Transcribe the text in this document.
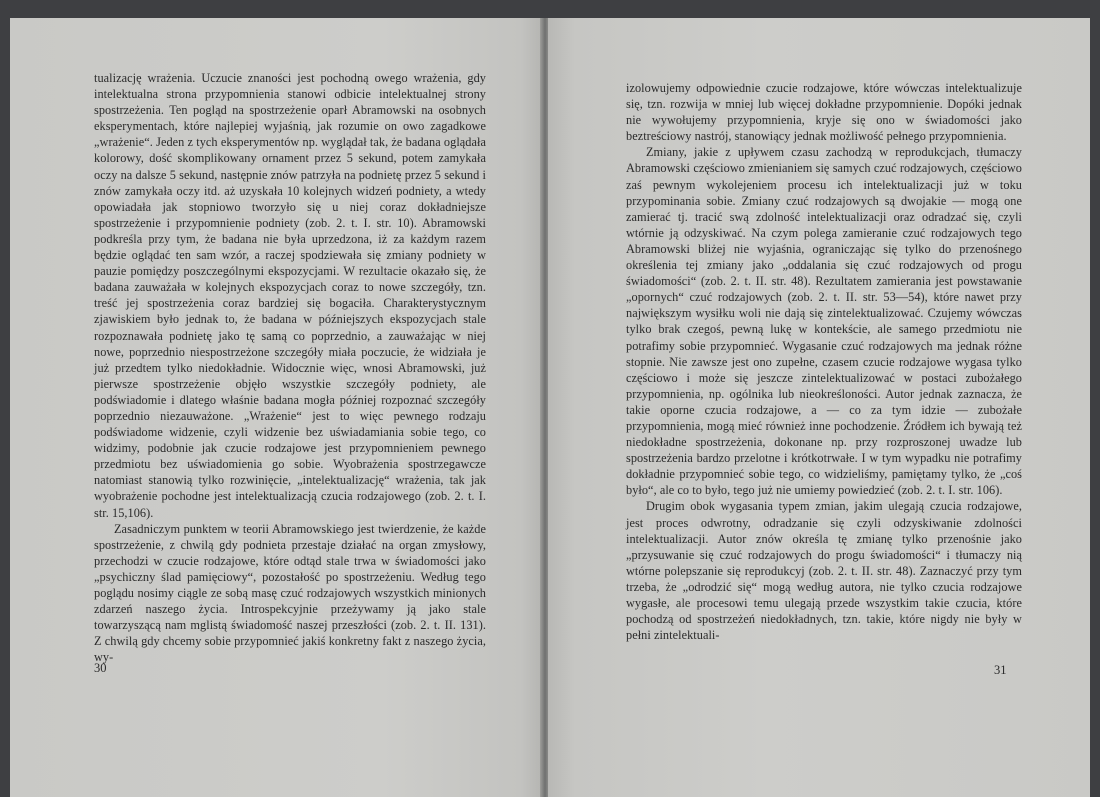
tualizację wrażenia. Uczucie znaności jest pochodną owego wrażenia, gdy intelektualna strona przypomnienia stanowi odbicie intelektualnej strony spostrzeżenia. Ten pogląd na spostrzeżenie oparł Abramowski na osobnych eksperymentach, które najlepiej wyjaśnią, jak rozumie on owo zagadkowe „wrażenie“. Jeden z tych eksperymentów np. wyglądał tak, że badana oglądała kolorowy, dość skomplikowany ornament przez 5 sekund, potem zamykała oczy na dalsze 5 sekund, następnie znów patrzyła na podnietę przez 5 sekund i znów zamykała oczy itd. aż uzyskała 10 kolejnych widzeń podniety, a wtedy opowiadała jak stopniowo tworzyło się u niej coraz dokładniejsze spostrzeżenie i przypomnienie podniety (zob. 2. t. I. str. 10). Abramowski podkreśla przy tym, że badana nie była uprzedzona, iż za każdym razem będzie oglądać ten sam wzór, a raczej spodziewała się zmiany podniety w pauzie pomiędzy poszczególnymi ekspozycjami. W rezultacie okazało się, że badana zauważała w kolejnych ekspozycjach coraz to nowe szczegóły, tzn. treść jej spostrzeżenia coraz bardziej się bogaciła. Charakterystycznym zjawiskiem było jednak to, że badana w późniejszych ekspozycjach stale rozpoznawała podnietę jako tę samą co poprzednio, a zauważając w niej nowe, poprzednio niespostrzeżone szczegóły miała poczucie, że widziała je już przedtem tylko niedokładnie. Widocznie więc, wnosi Abramowski, już pierwsze spostrzeżenie objęło wszystkie szczegóły podniety, ale podświadomie i dlatego właśnie badana mogła później rozpoznać szczegóły poprzednio niezauważone. „Wrażenie“ jest to więc pewnego rodzaju podświadome widzenie, czyli widzenie bez uświadamiania sobie tego, co widzimy, podobnie jak czucie rodzajowe jest przypomnieniem pewnego przedmiotu bez uświadomienia go sobie. Wyobrażenia spostrzegawcze natomiast stanowią tylko rozwinięcie, „intelektualizację“ wrażenia, tak jak wyobrażenie pochodne jest intelektualizacją czucia rodzajowego (zob. 2. t. I. str. 15,106).

Zasadniczym punktem w teorii Abramowskiego jest twierdzenie, że każde spostrzeżenie, z chwilą gdy podnieta przestaje działać na organ zmysłowy, przechodzi w czucie rodzajowe, które odtąd stale trwa w świadomości jako „psychiczny ślad pamięciowy“, pozostałość po spostrzeżeniu. Według tego poglądu nosimy ciągle ze sobą masę czuć rodzajowych wszystkich minionych zdarzeń naszego życia. Introspekcyjnie przeżywamy ją jako stale towarzyszącą nam mglistą świadomość naszej przeszłości (zob. 2. t. II. 131). Z chwilą gdy chcemy sobie przypomnieć jakiś konkretny fakt z naszego życia, wy-

30

izolowujemy odpowiednie czucie rodzajowe, które wówczas intelektualizuje się, tzn. rozwija w mniej lub więcej dokładne przypomnienie. Dopóki jednak nie wywołujemy przypomnienia, kryje się ono w świadomości jako beztreściowy nastrój, stanowiący jednak możliwość pełnego przypomnienia.

Zmiany, jakie z upływem czasu zachodzą w reprodukcjach, tłumaczy Abramowski częściowo zmienianiem się samych czuć rodzajowych, częściowo zaś pewnym wykolejeniem procesu ich intelektualizacji już w toku przypominania sobie. Zmiany czuć rodzajowych są dwojakie — mogą one zamierać tj. tracić swą zdolność intelektualizacji oraz odradzać się, czyli wtórnie ją odzyskiwać. Na czym polega zamieranie czuć rodzajowych tego Abramowski bliżej nie wyjaśnia, ograniczając się tylko do przenośnego określenia tej zmiany jako „oddalania się czuć rodzajowych od progu świadomości“ (zob. 2. t. II. str. 48). Rezultatem zamierania jest powstawanie „opornych“ czuć rodzajowych (zob. 2. t. II. str. 53—54), które nawet przy największym wysiłku woli nie dają się zintelektualizować. Czujemy wówczas tylko brak czegoś, pewną lukę w kontekście, ale samego przedmiotu nie potrafimy sobie przypomnieć. Wygasanie czuć rodzajowych ma jednak różne stopnie. Nie zawsze jest ono zupełne, czasem czucie rodzajowe wygasa tylko częściowo i może się jeszcze zintelektualizować w postaci zubożałego przypomnienia, np. ogólnika lub nieokreśloności. Autor jednak zaznacza, że takie oporne czucia rodzajowe, a — co za tym idzie — zubożałe przypomnienia, mogą mieć również inne pochodzenie. Źródłem ich bywają też niedokładne spostrzeżenia, dokonane np. przy rozproszonej uwadze lub spostrzeżenia bardzo przelotne i krótkotrwałe. I w tym wypadku nie potrafimy dokładnie przypomnieć sobie tego, co widzieliśmy, pamiętamy tylko, że „coś było“, ale co to było, tego już nie umiemy powiedzieć (zob. 2. t. I. str. 106).

Drugim obok wygasania typem zmian, jakim ulegają czucia rodzajowe, jest proces odwrotny, odradzanie się czyli odzyskiwanie zdolności intelektualizacji. Autor znów określa tę zmianę tylko przenośnie jako „przysuwanie się czuć rodzajowych do progu świadomości“ i tłumaczy nią wtórne polepszanie się reprodukcyj (zob. 2. t. II. str. 48). Zaznaczyć przy tym trzeba, że „odrodzić się“ mogą według autora, nie tylko czucia rodzajowe wygasłe, ale procesowi temu ulegają przede wszystkim takie czucia, które pochodzą od spostrzeżeń niedokładnych, tzn. takie, które nigdy nie były w pełni zintelektuali-

31
